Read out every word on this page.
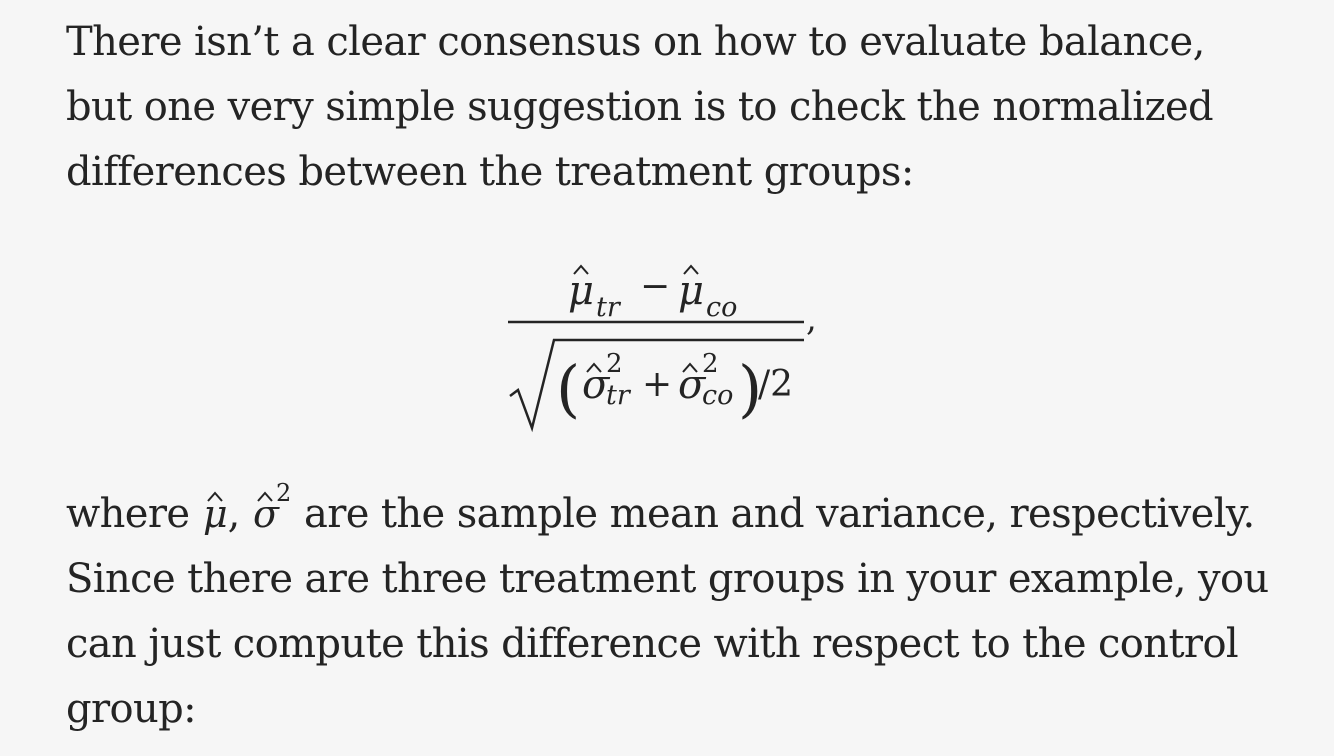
There isn’t a clear consensus on how to evaluate balance,
but one very simple suggestion is to check the normalized
differences between the treatment groups:

μ tr
− μ co ,
( σ
2
tr + σ
2
co )
/2

where μ , σ
2 are the sample mean and variance, respectively.
Since there are three treatment groups in your example, you
can just compute this difference with respect to the control
group:
